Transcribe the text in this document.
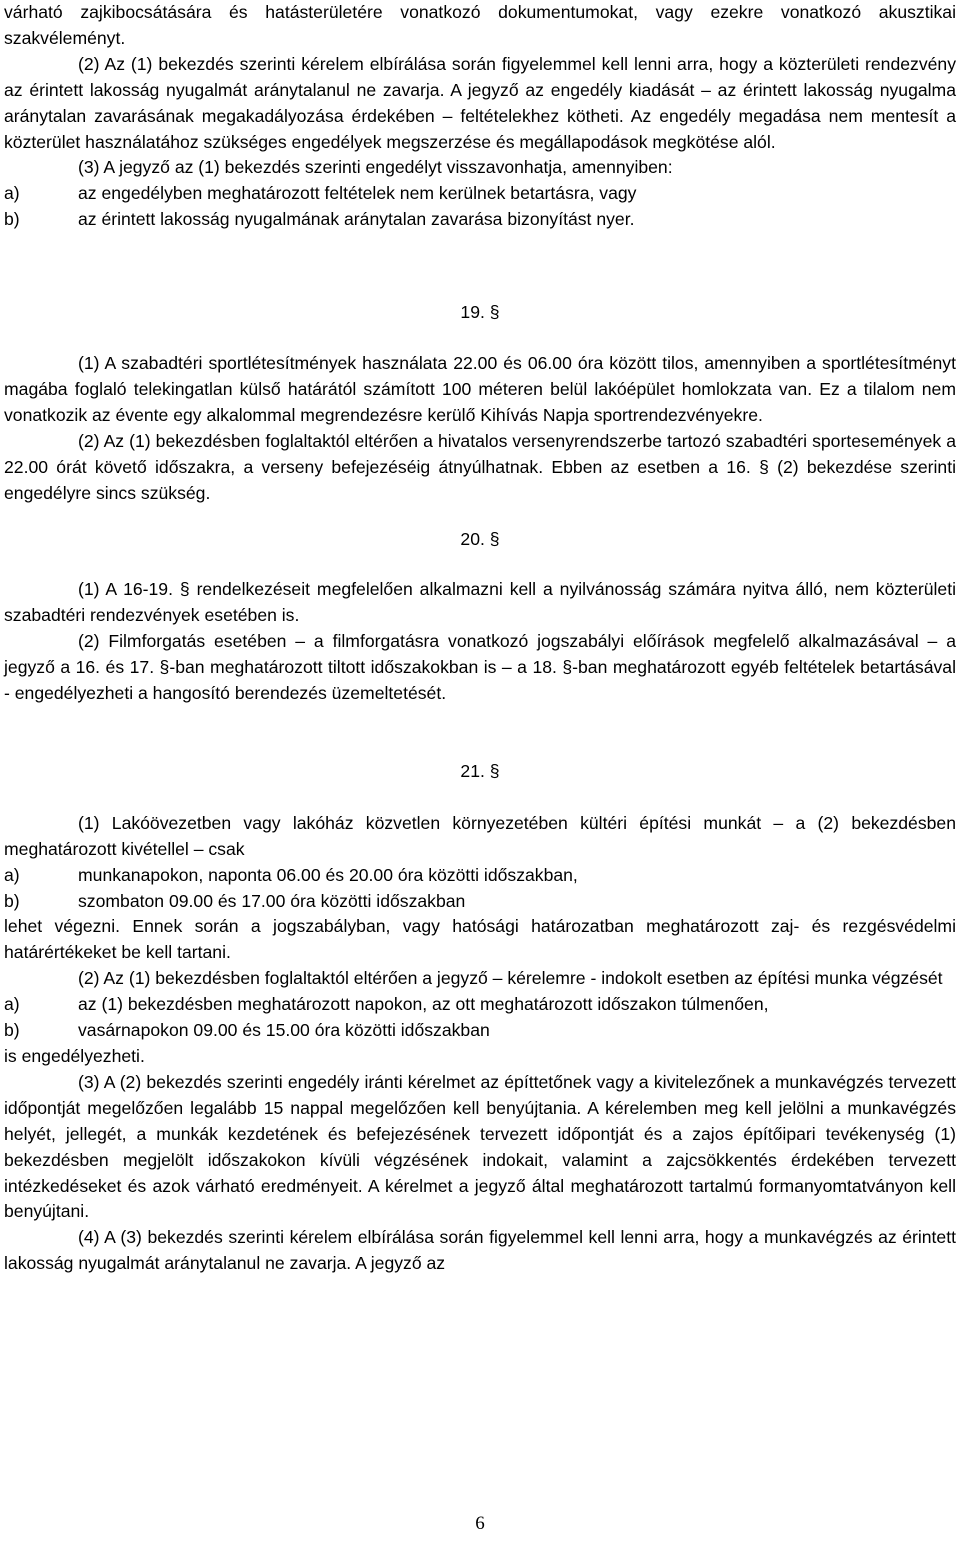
várható zajkibocsátására és hatásterületére vonatkozó dokumentumokat, vagy ezekre vonatkozó akusztikai szakvéleményt.

(2) Az (1) bekezdés szerinti kérelem elbírálása során figyelemmel kell lenni arra, hogy a közterületi rendezvény az érintett lakosság nyugalmát aránytalanul ne zavarja. A jegyző az engedély kiadását – az érintett lakosság nyugalma aránytalan zavarásának megakadályozása érdekében – feltételekhez kötheti. Az engedély megadása nem mentesít a közterület használatához szükséges engedélyek megszerzése és megállapodások megkötése alól.

(3) A jegyző az (1) bekezdés szerinti engedélyt visszavonhatja, amennyiben:

a)	az engedélyben meghatározott feltételek nem kerülnek betartásra, vagy
b)	az érintett lakosság nyugalmának aránytalan zavarása bizonyítást nyer.

19. §

(1) A szabadtéri sportlétesítmények használata 22.00 és 06.00 óra között tilos, amennyiben a sportlétesítményt magába foglaló telekingatlan külső határától számított 100 méteren belül lakóépület homlokzata van. Ez a tilalom nem vonatkozik az évente egy alkalommal megrendezésre kerülő Kihívás Napja sportrendezvényekre.

(2) Az (1) bekezdésben foglaltaktól eltérően a hivatalos versenyrendszerbe tartozó szabadtéri sportesemények a 22.00 órát követő időszakra, a verseny befejezéséig átnyúlhatnak. Ebben az esetben a 16. § (2) bekezdése szerinti engedélyre sincs szükség.

20. §

(1) A 16-19. § rendelkezéseit megfelelően alkalmazni kell a nyilvánosság számára nyitva álló, nem közterületi szabadtéri rendezvények esetében is.

(2) Filmforgatás esetében – a filmforgatásra vonatkozó jogszabályi előírások megfelelő alkalmazásával – a jegyző a 16. és 17. §-ban meghatározott tiltott időszakokban is – a 18. §-ban meghatározott egyéb feltételek betartásával - engedélyezheti a hangosító berendezés üzemeltetését.

21. §

(1) Lakóövezetben vagy lakóház közvetlen környezetében kültéri építési munkát – a (2) bekezdésben meghatározott kivétellel – csak

a)	munkanapokon, naponta 06.00 és 20.00 óra közötti időszakban,
b)	szombaton 09.00 és 17.00 óra közötti időszakban

lehet végezni. Ennek során a jogszabályban, vagy hatósági határozatban meghatározott zaj- és rezgésvédelmi határértékeket be kell tartani.

(2) Az (1) bekezdésben foglaltaktól eltérően a jegyző – kérelemre - indokolt esetben az építési munka végzését

a)	az (1) bekezdésben meghatározott napokon, az ott meghatározott időszakon túlmenően,
b)	vasárnapokon 09.00 és 15.00 óra közötti időszakban

is engedélyezheti.

(3) A (2) bekezdés szerinti engedély iránti kérelmet az építtetőnek vagy a kivitelezőnek a munkavégzés tervezett időpontját megelőzően legalább 15 nappal megelőzően kell benyújtania. A kérelemben meg kell jelölni a munkavégzés helyét, jellegét, a munkák kezdetének és befejezésének tervezett időpontját és a zajos építőipari tevékenység (1) bekezdésben megjelölt időszakokon kívüli végzésének indokait, valamint a zajcsökkentés érdekében tervezett intézkedéseket és azok várható eredményeit. A kérelmet a jegyző által meghatározott tartalmú formanyomtatványon kell benyújtani.

(4) A (3) bekezdés szerinti kérelem elbírálása során figyelemmel kell lenni arra, hogy a munkavégzés az érintett lakosság nyugalmát aránytalanul ne zavarja. A jegyző az

6
